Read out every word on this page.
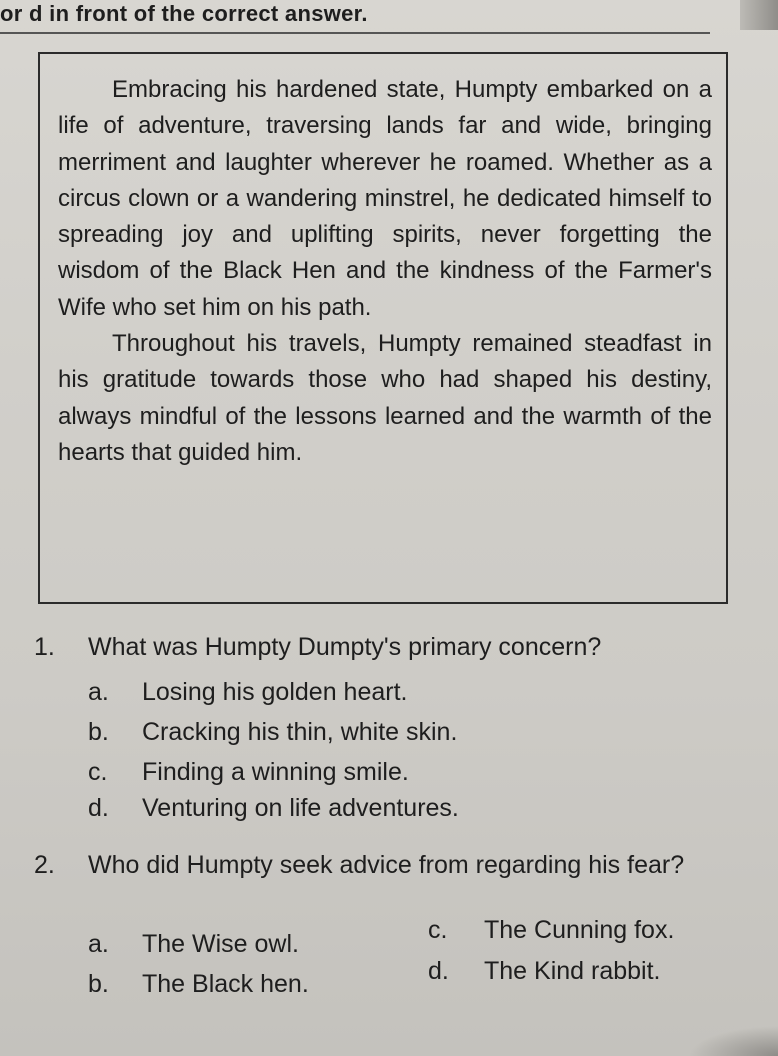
or d in front of the correct answer.

Embracing his hardened state, Humpty embarked on a life of adventure, traversing lands far and wide, bringing merriment and laughter wherever he roamed. Whether as a circus clown or a wandering minstrel, he dedicated himself to spreading joy and uplifting spirits, never forgetting the wisdom of the Black Hen and the kindness of the Farmer's Wife who set him on his path.

Throughout his travels, Humpty remained steadfast in his gratitude towards those who had shaped his destiny, always mindful of the lessons learned and the warmth of the hearts that guided him.

1. What was Humpty Dumpty's primary concern?
a. Losing his golden heart.
b. Cracking his thin, white skin.
c. Finding a winning smile.
d. Venturing on life adventures.
2. Who did Humpty seek advice from regarding his fear?
a. The Wise owl.
b. The Black hen.
c. The Cunning fox.
d. The Kind rabbit.
